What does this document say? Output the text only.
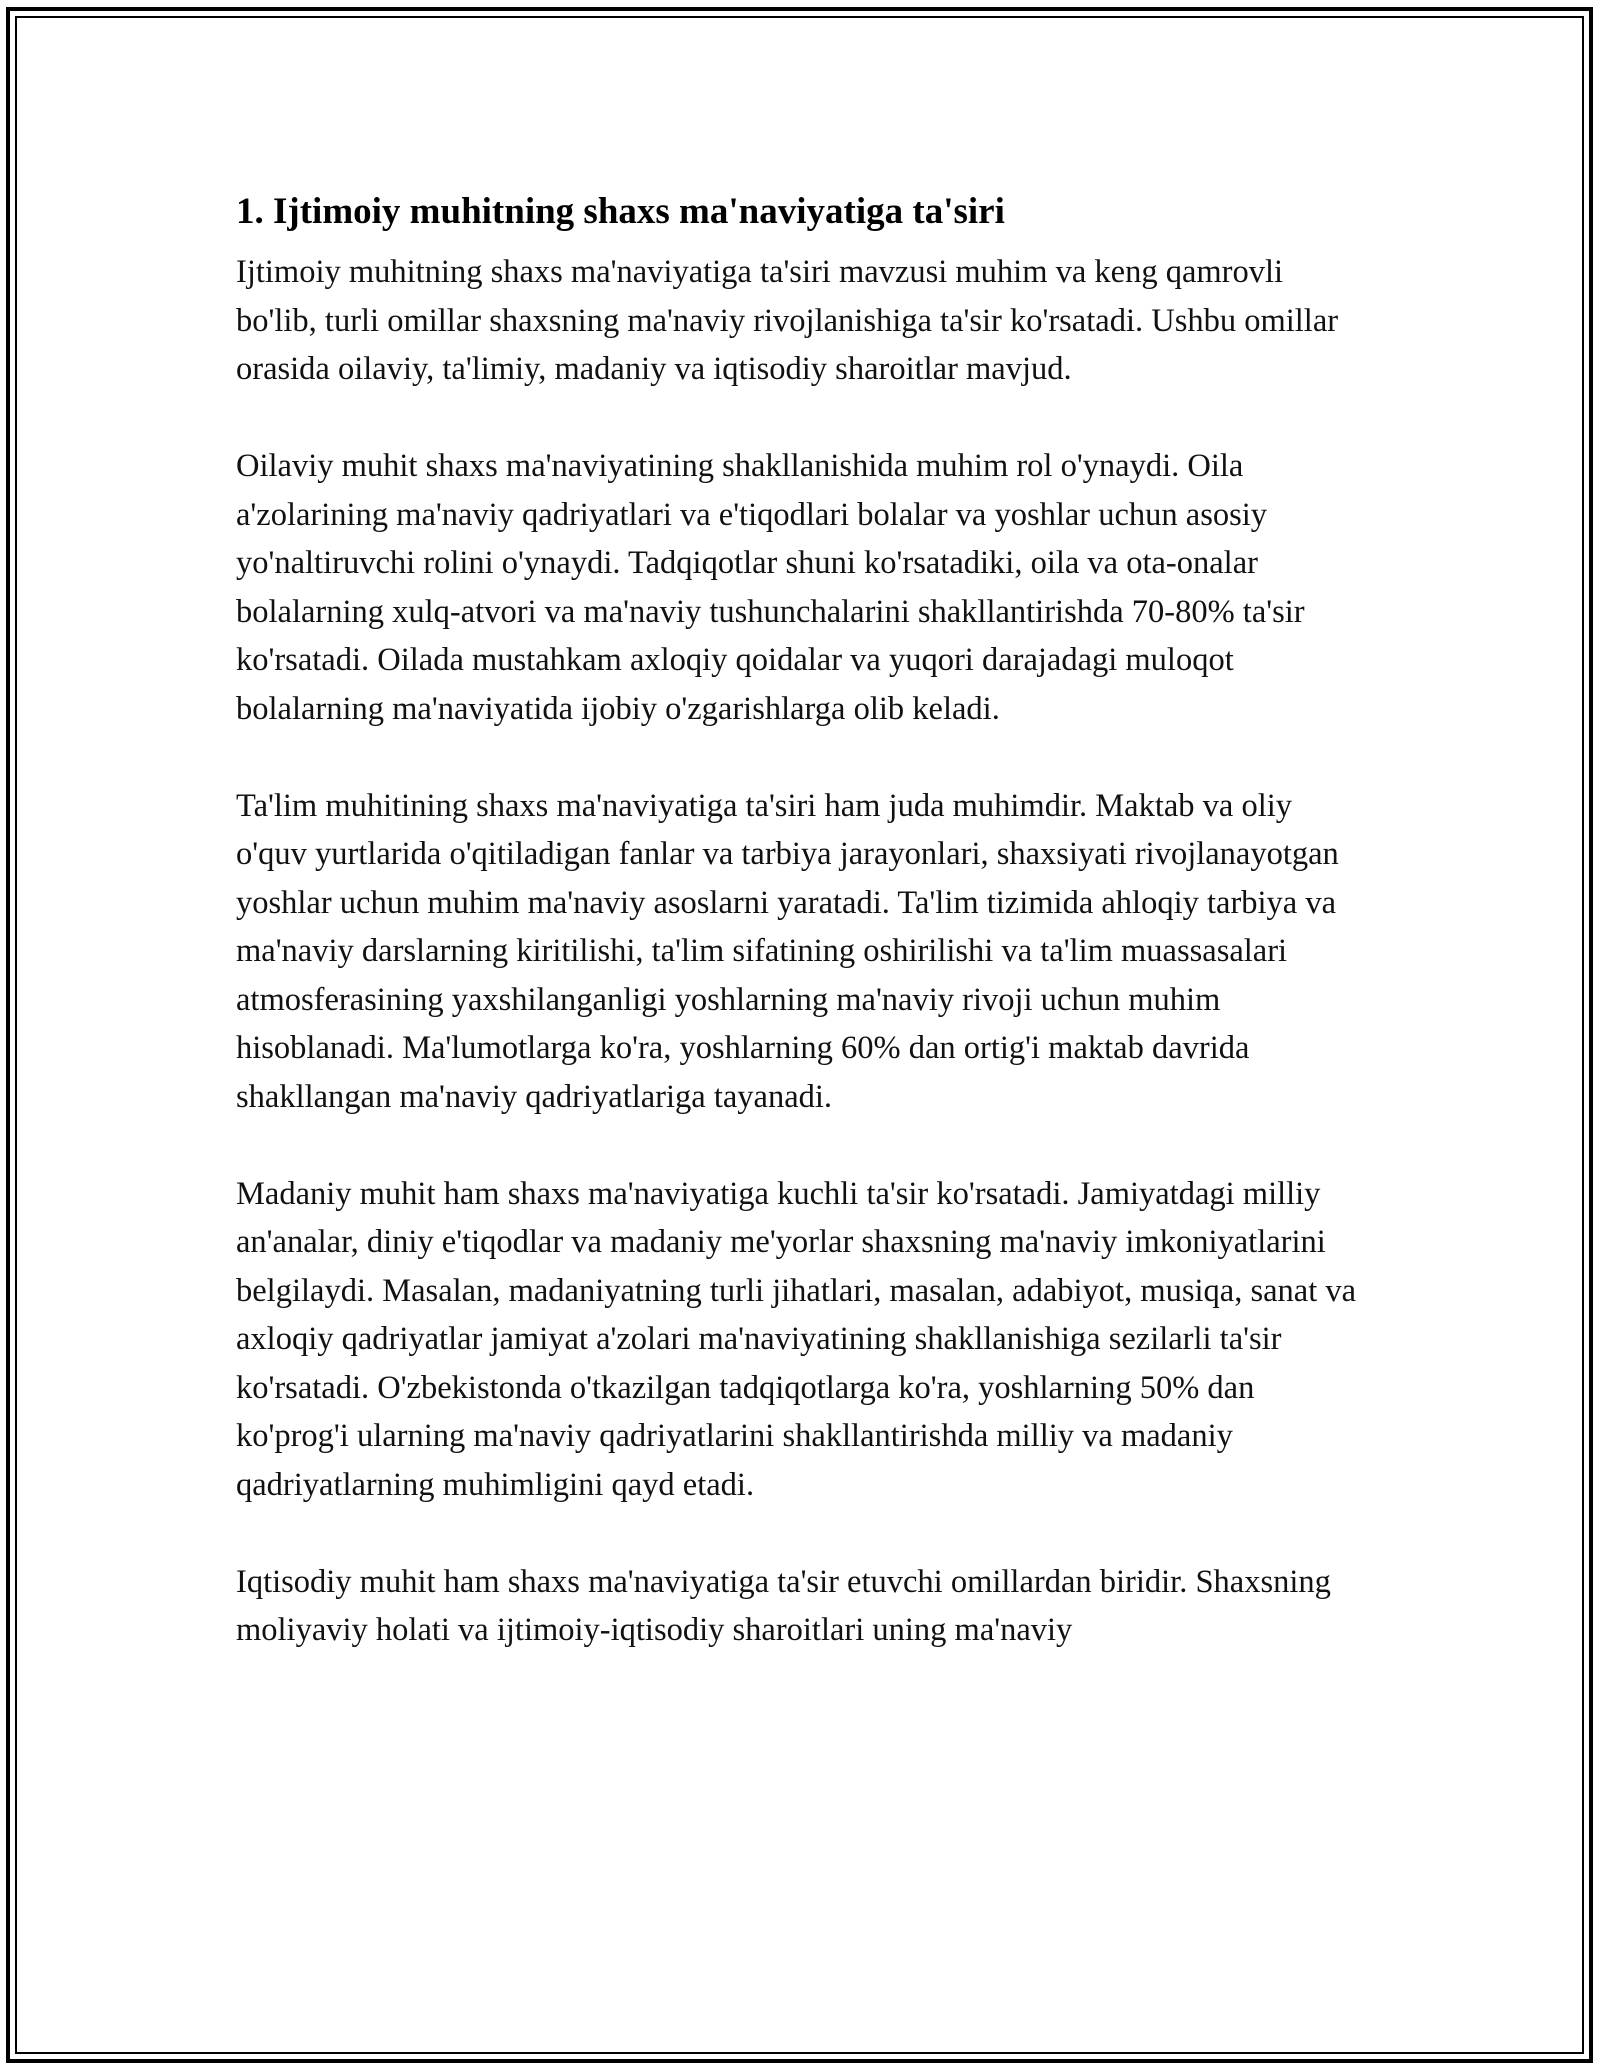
1. Ijtimoiy muhitning shaxs ma'naviyatiga ta'siri

Ijtimoiy muhitning shaxs ma'naviyatiga ta'siri mavzusi muhim va keng qamrovli bo'lib, turli omillar shaxsning ma'naviy rivojlanishiga ta'sir ko'rsatadi. Ushbu omillar orasida oilaviy, ta'limiy, madaniy va iqtisodiy sharoitlar mavjud.

Oilaviy muhit shaxs ma'naviyatining shakllanishida muhim rol o'ynaydi. Oila a'zolarining ma'naviy qadriyatlari va e'tiqodlari bolalar va yoshlar uchun asosiy yo'naltiruvchi rolini o'ynaydi. Tadqiqotlar shuni ko'rsatadiki, oila va ota-onalar bolalarning xulq-atvori va ma'naviy tushunchalarini shakllantirishda 70-80% ta'sir ko'rsatadi. Oilada mustahkam axloqiy qoidalar va yuqori darajadagi muloqot bolalarning ma'naviyatida ijobiy o'zgarishlarga olib keladi.

Ta'lim muhitining shaxs ma'naviyatiga ta'siri ham juda muhimdir. Maktab va oliy o'quv yurtlarida o'qitiladigan fanlar va tarbiya jarayonlari, shaxsiyati rivojlanayotgan yoshlar uchun muhim ma'naviy asoslarni yaratadi. Ta'lim tizimida ahloqiy tarbiya va ma'naviy darslarning kiritilishi, ta'lim sifatining oshirilishi va ta'lim muassasalari atmosferasining yaxshilanganligi yoshlarning ma'naviy rivoji uchun muhim hisoblanadi. Ma'lumotlarga ko'ra, yoshlarning 60% dan ortig'i maktab davrida shakllangan ma'naviy qadriyatlariga tayanadi.

Madaniy muhit ham shaxs ma'naviyatiga kuchli ta'sir ko'rsatadi. Jamiyatdagi milliy an'analar, diniy e'tiqodlar va madaniy me'yorlar shaxsning ma'naviy imkoniyatlarini belgilaydi. Masalan, madaniyatning turli jihatlari, masalan, adabiyot, musiqa, sanat va axloqiy qadriyatlar jamiyat a'zolari ma'naviyatining shakllanishiga sezilarli ta'sir ko'rsatadi. O'zbekistonda o'tkazilgan tadqiqotlarga ko'ra, yoshlarning 50% dan ko'prog'i ularning ma'naviy qadriyatlarini shakllantirishda milliy va madaniy qadriyatlarning muhimligini qayd etadi.

Iqtisodiy muhit ham shaxs ma'naviyatiga ta'sir etuvchi omillardan biridir. Shaxsning moliyaviy holati va ijtimoiy-iqtisodiy sharoitlari uning ma'naviy
